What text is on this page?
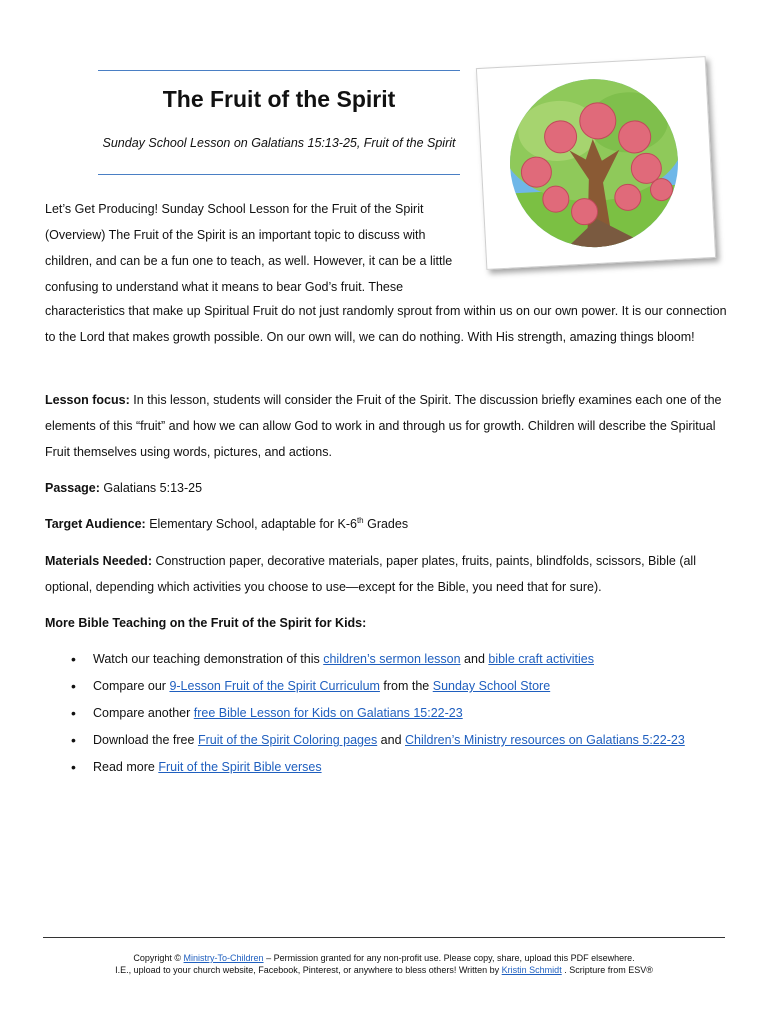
The Fruit of the Spirit
Sunday School Lesson on Galatians 15:13-25, Fruit of the Spirit
Let’s Get Producing! Sunday School Lesson for the Fruit of the Spirit
(Overview) The Fruit of the Spirit is an important topic to discuss with
children, and can be a fun one to teach, as well. However, it can be a little
confusing to understand what it means to bear God’s fruit. These
characteristics that make up Spiritual Fruit do not just randomly sprout from within us on our own power. It is our connection to the Lord that makes growth possible. On our own will, we can do nothing. With His strength, amazing things bloom!
Lesson focus: In this lesson, students will consider the Fruit of the Spirit. The discussion briefly examines each one of the elements of this “fruit” and how we can allow God to work in and through us for growth. Children will describe the Spiritual Fruit themselves using words, pictures, and actions.
Passage: Galatians 5:13-25
Target Audience: Elementary School, adaptable for K-6th Grades
Materials Needed: Construction paper, decorative materials, paper plates, fruits, paints, blindfolds, scissors, Bible (all optional, depending which activities you choose to use—except for the Bible, you need that for sure).
More Bible Teaching on the Fruit of the Spirit for Kids:
• Watch our teaching demonstration of this children’s sermon lesson and bible craft activities
• Compare our 9-Lesson Fruit of the Spirit Curriculum from the Sunday School Store
• Compare another free Bible Lesson for Kids on Galatians 15:22-23
• Download the free Fruit of the Spirit Coloring pages and Children’s Ministry resources on Galatians 5:22-23
• Read more Fruit of the Spirit Bible verses
Copyright © Ministry-To-Children – Permission granted for any non-profit use. Please copy, share, upload this PDF elsewhere.
I.E., upload to your church website, Facebook, Pinterest, or anywhere to bless others! Written by Kristin Schmidt . Scripture from ESV®
